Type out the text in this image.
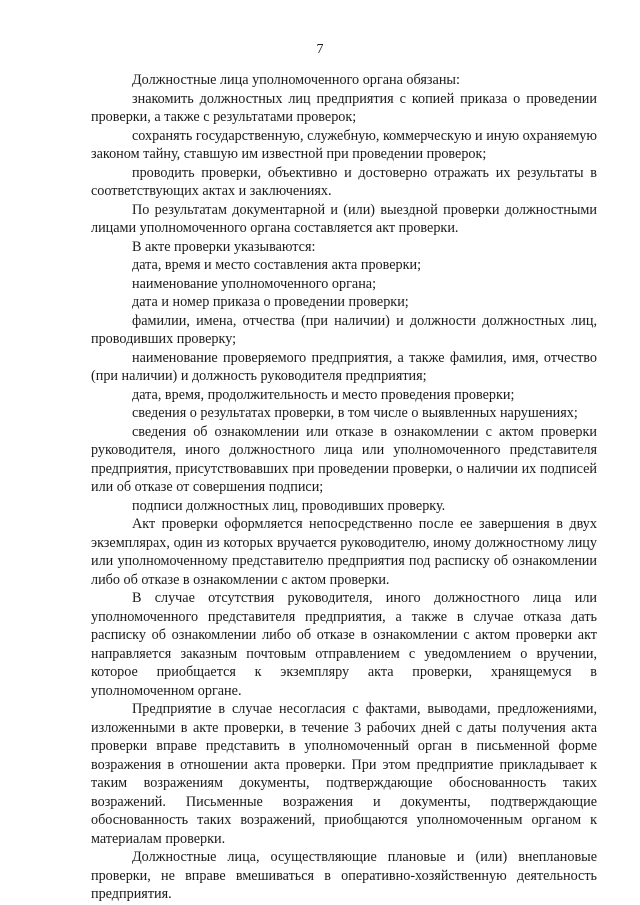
7

Должностные лица уполномоченного органа обязаны:

знакомить должностных лиц предприятия с копией приказа о проведении проверки, а также с результатами проверок;

сохранять государственную, служебную, коммерческую и иную охраняемую законом тайну, ставшую им известной при проведении проверок;

проводить проверки, объективно и достоверно отражать их результаты в соответствующих актах и заключениях.

По результатам документарной и (или) выездной проверки должностными лицами уполномоченного органа составляется акт проверки.

В акте проверки указываются:

дата, время и место составления акта проверки;

наименование уполномоченного органа;

дата и номер приказа о проведении проверки;

фамилии, имена, отчества (при наличии) и должности должностных лиц, проводивших проверку;

наименование проверяемого предприятия, а также фамилия, имя, отчество (при наличии) и должность руководителя предприятия;

дата, время, продолжительность и место проведения проверки;

сведения о результатах проверки, в том числе о выявленных нарушениях;

сведения об ознакомлении или отказе в ознакомлении с актом проверки руководителя, иного должностного лица или уполномоченного представителя предприятия, присутствовавших при проведении проверки, о наличии их подписей или об отказе от совершения подписи;

подписи должностных лиц, проводивших проверку.

Акт проверки оформляется непосредственно после ее завершения в двух экземплярах, один из которых вручается руководителю, иному должностному лицу или уполномоченному представителю предприятия под расписку об ознакомлении либо об отказе в ознакомлении с актом проверки.

В случае отсутствия руководителя, иного должностного лица или уполномоченного представителя предприятия, а также в случае отказа дать расписку об ознакомлении либо об отказе в ознакомлении с актом проверки акт направляется заказным почтовым отправлением с уведомлением о вручении, которое приобщается к экземпляру акта проверки, хранящемуся в уполномоченном органе.

Предприятие в случае несогласия с фактами, выводами, предложениями, изложенными в акте проверки, в течение 3 рабочих дней с даты получения акта проверки вправе представить в уполномоченный орган в письменной форме возражения в отношении акта проверки. При этом предприятие прикладывает к таким возражениям документы, подтверждающие обоснованность таких возражений. Письменные возражения и документы, подтверждающие обоснованность таких возражений, приобщаются уполномоченным органом к материалам проверки.

Должностные лица, осуществляющие плановые и (или) внеплановые проверки, не вправе вмешиваться в оперативно-хозяйственную деятельность предприятия.
